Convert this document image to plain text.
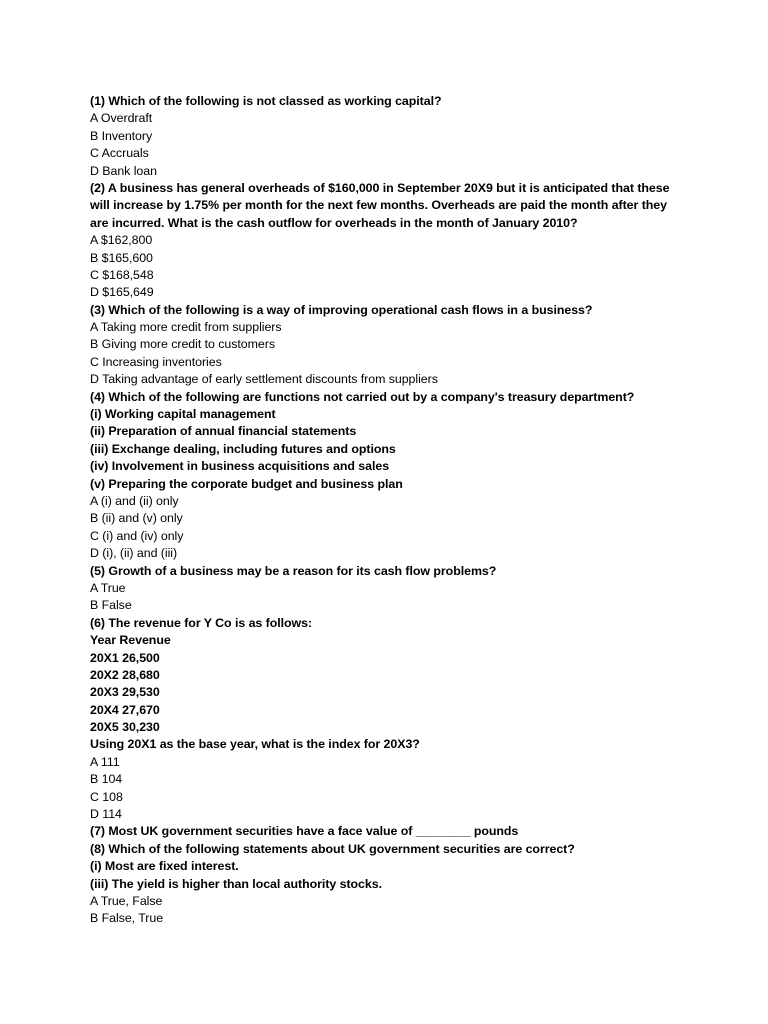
(1) Which of the following is not classed as working capital?
A Overdraft
B Inventory
C Accruals
D Bank loan
(2) A business has general overheads of $160,000 in September 20X9 but it is anticipated that these
will increase by 1.75% per month for the next few months. Overheads are paid the month after they
are incurred. What is the cash outflow for overheads in the month of January 2010?
A $162,800
B $165,600
C $168,548
D $165,649
(3) Which of the following is a way of improving operational cash flows in a business?
A Taking more credit from suppliers
B Giving more credit to customers
C Increasing inventories
D Taking advantage of early settlement discounts from suppliers
(4) Which of the following are functions not carried out by a company's treasury department?
(i) Working capital management
(ii) Preparation of annual financial statements
(iii) Exchange dealing, including futures and options
(iv) Involvement in business acquisitions and sales
(v) Preparing the corporate budget and business plan
A (i) and (ii) only
B (ii) and (v) only
C (i) and (iv) only
D (i), (ii) and (iii)
(5) Growth of a business may be a reason for its cash flow problems?
A True
B False
(6) The revenue for Y Co is as follows:
Year Revenue
20X1 26,500
20X2 28,680
20X3 29,530
20X4 27,670
20X5 30,230
Using 20X1 as the base year, what is the index for 20X3?
A 111
B 104
C 108
D 114
(7) Most UK government securities have a face value of ________ pounds
(8) Which of the following statements about UK government securities are correct?
(i) Most are fixed interest.
(iii) The yield is higher than local authority stocks.
A True, False
B False, True
